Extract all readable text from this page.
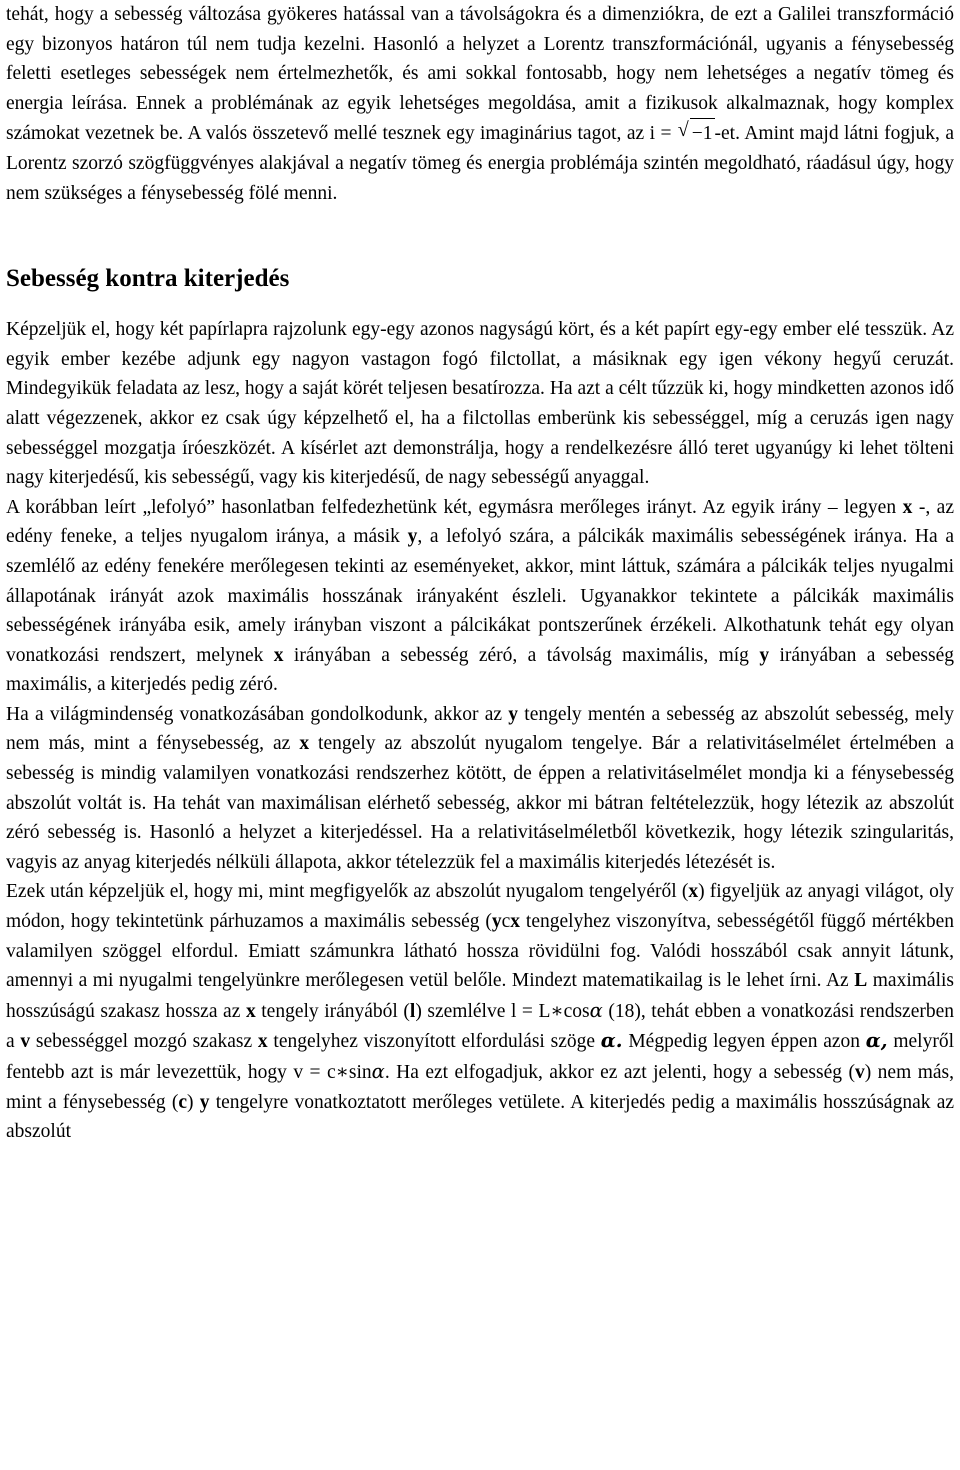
tehát, hogy a sebesség változása gyökeres hatással van a távolságokra és a dimenziókra, de ezt a Galilei transzformáció egy bizonyos határon túl nem tudja kezelni. Hasonló a helyzet a Lorentz transzformációnál, ugyanis a fénysebesség feletti esetleges sebességek nem értelmezhetők, és ami sokkal fontosabb, hogy nem lehetséges a negatív tömeg és energia leírása. Ennek a problémának az egyik lehetséges megoldása, amit a fizikusok alkalmaznak, hogy komplex számokat vezetnek be. A valós összetevő mellé tesznek egy imaginárius tagot, az i =   √ −1 -et. Amint majd látni fogjuk, a Lorentz szorzó szögfüggvényes alakjával a negatív tömeg és energia problémája szintén megoldható, ráadásul úgy, hogy nem szükséges a fénysebesség fölé menni.

Sebesség kontra kiterjedés

Képzeljük el, hogy két papírlapra rajzolunk egy-egy azonos nagyságú kört, és a két papírt egy-egy ember elé tesszük. Az egyik ember kezébe adjunk egy nagyon vastagon fogó filctollat, a másiknak egy igen vékony hegyű ceruzát. Mindegyikük feladata az lesz, hogy a saját körét teljesen besatírozza. Ha azt a célt tűzzük ki, hogy mindketten azonos idő alatt végezzenek, akkor ez csak úgy képzelhető el, ha a filctollas emberünk kis sebességgel, míg a ceruzás igen nagy sebességgel mozgatja íróeszközét. A kísérlet azt demonstrálja, hogy a rendelkezésre álló teret ugyanúgy ki lehet tölteni nagy kiterjedésű, kis sebességű, vagy kis kiterjedésű, de nagy sebességű anyaggal.

A korábban leírt „lefolyó” hasonlatban felfedezhetünk két, egymásra merőleges irányt. Az egyik irány – legyen x -, az edény feneke, a teljes nyugalom iránya, a másik y, a lefolyó szára, a pálcikák maximális sebességének iránya. Ha a szemlélő az edény fenekére merőlegesen tekinti az eseményeket, akkor, mint láttuk, számára a pálcikák teljes nyugalmi állapotának irányát azok maximális hosszának irányaként észleli. Ugyanakkor tekintete a pálcikák maximális sebességének irányába esik, amely irányban viszont a pálcikákat pontszerűnek érzékeli. Alkothatunk tehát egy olyan vonatkozási rendszert, melynek x irányában a sebesség zéró, a távolság maximális, míg y irányában a sebesség maximális, a kiterjedés pedig zéró.

Ha a világmindenség vonatkozásában gondolkodunk, akkor az y tengely mentén a sebesség az abszolút sebesség, mely nem más, mint a fénysebesség, az x tengely az abszolút nyugalom tengelye. Bár a relativitáselmélet értelmében a sebesség is mindig valamilyen vonatkozási rendszerhez kötött, de éppen a relativitáselmélet mondja ki a fénysebesség abszolút voltát is. Ha tehát van maximálisan elérhető sebesség, akkor mi bátran feltételezzük, hogy létezik az abszolút zéró sebesség is. Hasonló a helyzet a kiterjedéssel. Ha a relativitáselméletből következik, hogy létezik szingularitás, vagyis az anyag kiterjedés nélküli állapota, akkor tételezzük fel a maximális kiterjedés létezését is.

Ezek után képzeljük el, hogy mi, mint megfigyelők az abszolút nyugalom tengelyéről (x) figyeljük az anyagi világot, oly módon, hogy tekintetünk párhuzamos a maximális sebesség (ycx tengelyhez viszonyítva, sebességétől függő mértékben valamilyen szöggel elfordul. Emiatt számunkra látható hossza rövidülni fog. Valódi hosszából csak annyit látunk, amennyi a mi nyugalmi tengelyünkre merőlegesen vetül belőle. Mindezt matematikailag is le lehet írni. Az L maximális hosszúságú szakasz hossza az x tengely irányából (l) szemlélve l = L∗cosα (18), tehát ebben a vonatkozási rendszerben a v sebességgel mozgó szakasz x tengelyhez viszonyított elfordulási szöge α. Mégpedig legyen éppen azon α, melyről fentebb azt is már levezettük, hogy v = c∗sinα. Ha ezt elfogadjuk, akkor ez azt jelenti, hogy a sebesség (v) nem más, mint a fénysebesség (c) y tengelyre vonatkoztatott merőleges vetülete. A kiterjedés pedig a maximális hosszúságnak az abszolút
